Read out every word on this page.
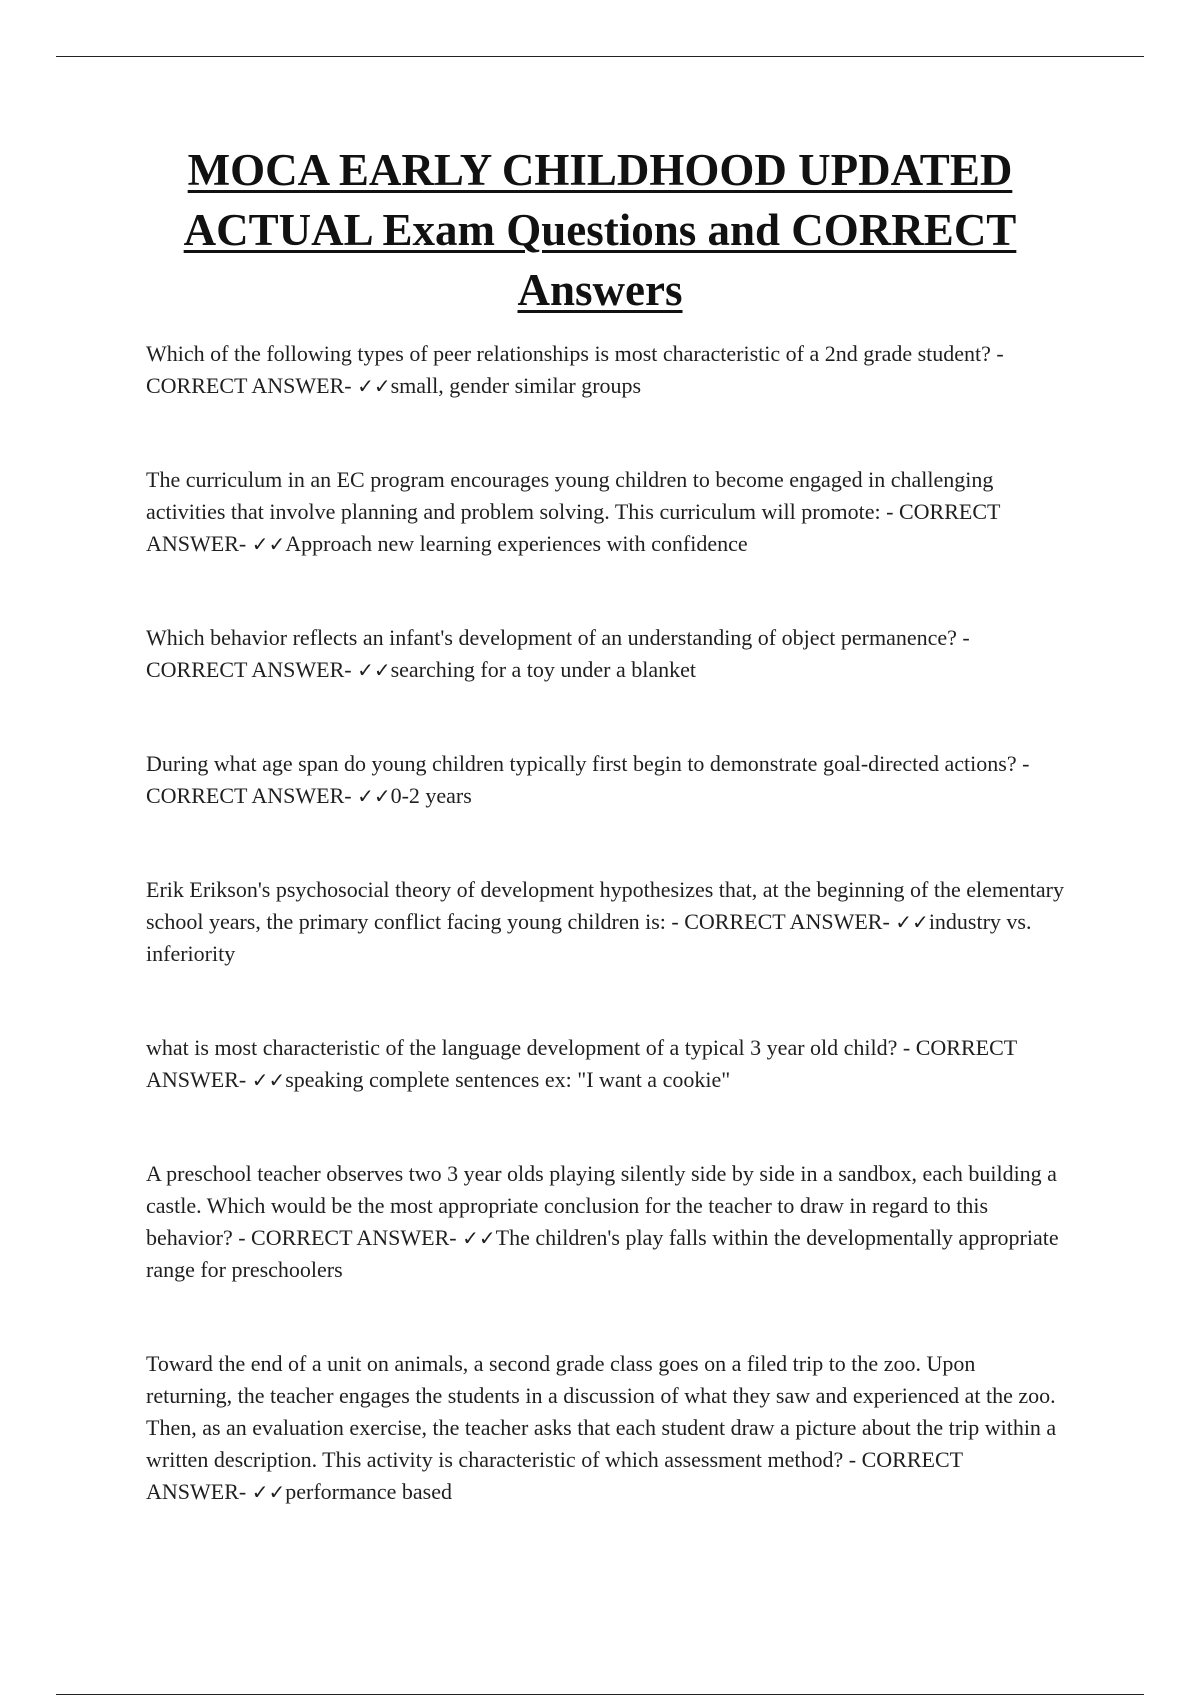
MOCA EARLY CHILDHOOD UPDATED ACTUAL Exam Questions and CORRECT Answers

Which of the following types of peer relationships is most characteristic of a 2nd grade student? - CORRECT ANSWER- ✓✓small, gender similar groups

The curriculum in an EC program encourages young children to become engaged in challenging activities that involve planning and problem solving. This curriculum will promote: - CORRECT ANSWER- ✓✓Approach new learning experiences with confidence

Which behavior reflects an infant's development of an understanding of object permanence? - CORRECT ANSWER- ✓✓searching for a toy under a blanket

During what age span do young children typically first begin to demonstrate goal-directed actions? - CORRECT ANSWER- ✓✓0-2 years

Erik Erikson's psychosocial theory of development hypothesizes that, at the beginning of the elementary school years, the primary conflict facing young children is: - CORRECT ANSWER- ✓✓industry vs. inferiority

what is most characteristic of the language development of a typical 3 year old child? - CORRECT ANSWER- ✓✓speaking complete sentences ex: "I want a cookie"

A preschool teacher observes two 3 year olds playing silently side by side in a sandbox, each building a castle. Which would be the most appropriate conclusion for the teacher to draw in regard to this behavior? - CORRECT ANSWER- ✓✓The children's play falls within the developmentally appropriate range for preschoolers

Toward the end of a unit on animals, a second grade class goes on a filed trip to the zoo. Upon returning, the teacher engages the students in a discussion of what they saw and experienced at the zoo. Then, as an evaluation exercise, the teacher asks that each student draw a picture about the trip within a written description. This activity is characteristic of which assessment method? - CORRECT ANSWER- ✓✓performance based
